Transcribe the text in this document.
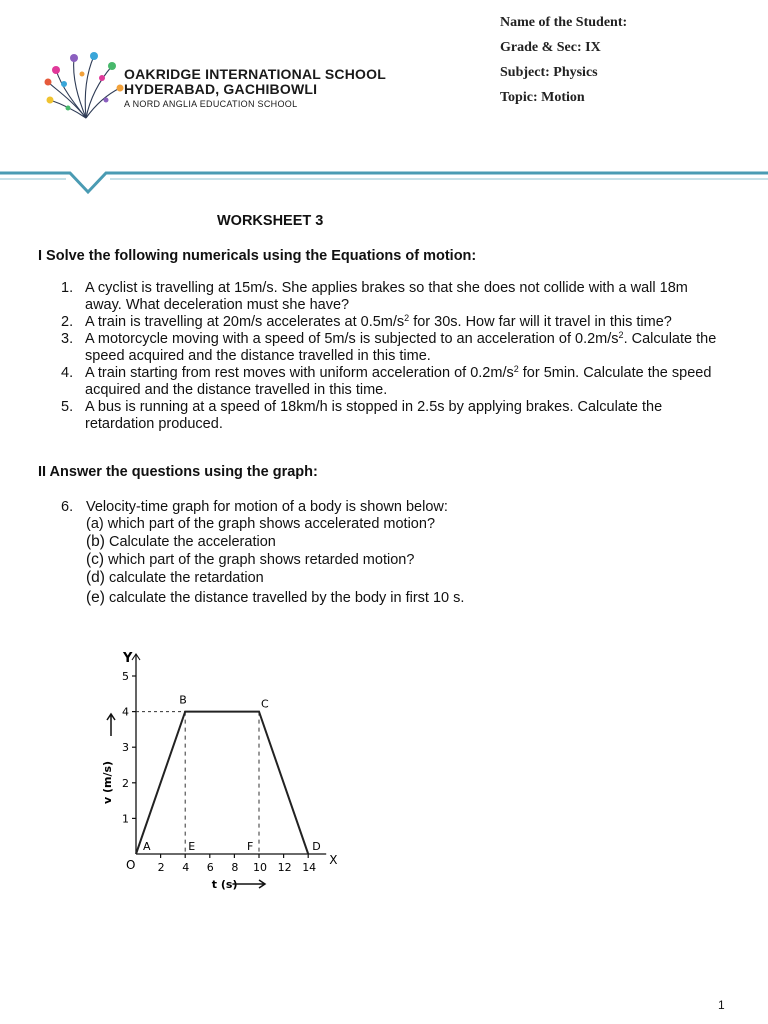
Name of the Student:
Grade & Sec: IX
Subject: Physics
Topic: Motion
OAKRIDGE INTERNATIONAL SCHOOL
HYDERABAD, GACHIBOWLI
A NORD ANGLIA EDUCATION SCHOOL
WORKSHEET 3
I Solve the following numericals using the Equations of motion:
1. A cyclist is travelling at 15m/s. She applies brakes so that she does not collide with a wall 18m away. What deceleration must she have?
2. A train is travelling at 20m/s accelerates at $0.5m/s^2$ for 30s. How far will it travel in this time?
3. A motorcycle moving with a speed of 5m/s is subjected to an acceleration of $0.2m/s^2$. Calculate the speed acquired and the distance travelled in this time.
4. A train starting from rest moves with uniform acceleration of $0.2m/s^2$ for 5min. Calculate the speed acquired and the distance travelled in this time.
5. A bus is running at a speed of 18km/h is stopped in 2.5s by applying brakes. Calculate the retardation produced.
II Answer the questions using the graph:
6. Velocity-time graph for motion of a body is shown below:
(a) which part of the graph shows accelerated motion?
(b) Calculate the acceleration
(c) which part of the graph shows retarded motion?
(d) calculate the retardation
(e) calculate the distance travelled by the body in first 10 s.
Y
X
O
1
2
3
4
5
2 4 6 8 10 12 14
A
B	C
D
E	F
v (m/s)
t (s)
1
